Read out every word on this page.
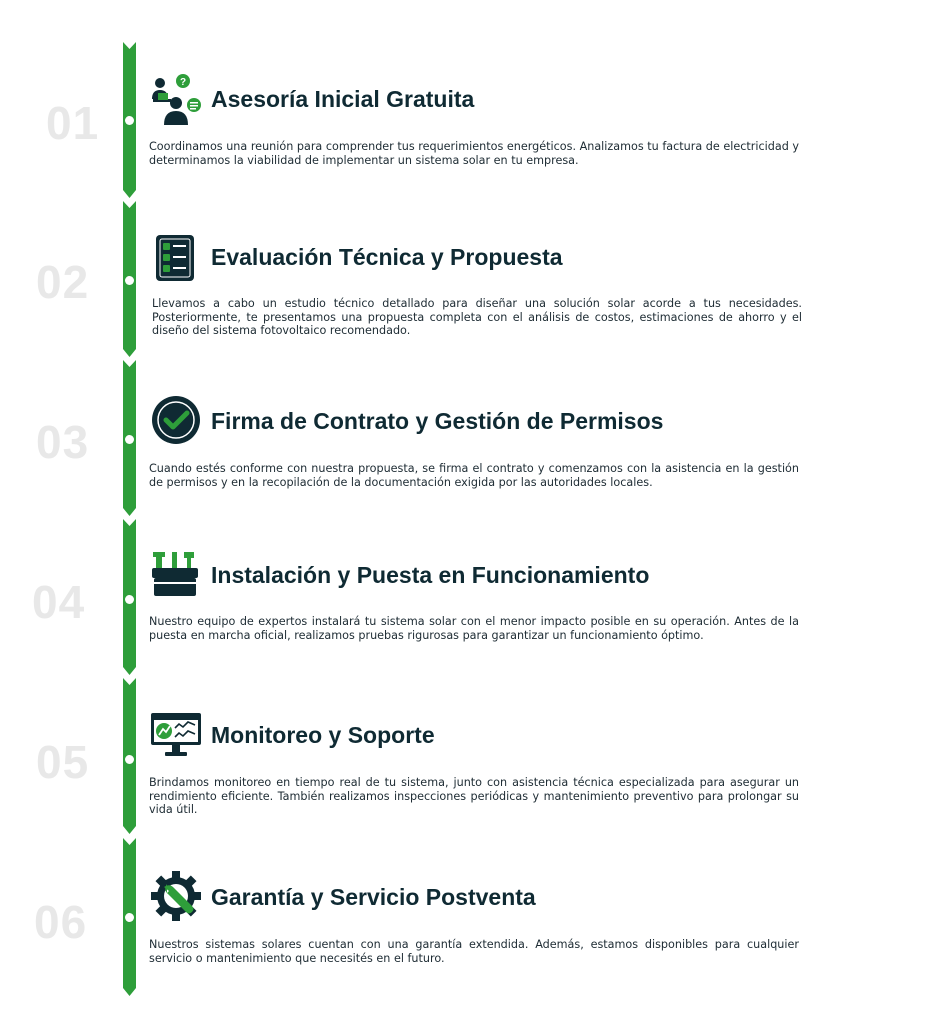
01
?
Asesoría Inicial Gratuita

Coordinamos una reunión para comprender tus requerimientos energéticos. Analizamos tu factura de electricidad y determinamos la viabilidad de implementar un sistema solar en tu empresa.

02	Evaluación Técnica y Propuesta

Llevamos a cabo un estudio técnico detallado para diseñar una solución solar acorde a tus necesidades. Posteriormente, te presentamos una propuesta completa con el análisis de costos, estimaciones de ahorro y el diseño del sistema fotovoltaico recomendado.

03	Firma de Contrato y Gestión de Permisos

Cuando estés conforme con nuestra propuesta, se firma el contrato y comenzamos con la asistencia en la gestión de permisos y en la recopilación de la documentación exigida por las autoridades locales.

04
Instalación y Puesta en Funcionamiento

Nuestro equipo de expertos instalará tu sistema solar con el menor impacto posible en su operación. Antes de la puesta en marcha oficial, realizamos pruebas rigurosas para garantizar un funcionamiento óptimo.

05
Monitoreo y Soporte

Brindamos monitoreo en tiempo real de tu sistema, junto con asistencia técnica especializada para asegurar un rendimiento eficiente. También realizamos inspecciones periódicas y mantenimiento preventivo para prolongar su vida útil.

06	Garantía y Servicio Postventa

Nuestros sistemas solares cuentan con una garantía extendida. Además, estamos disponibles para cualquier servicio o mantenimiento que necesités en el futuro.
